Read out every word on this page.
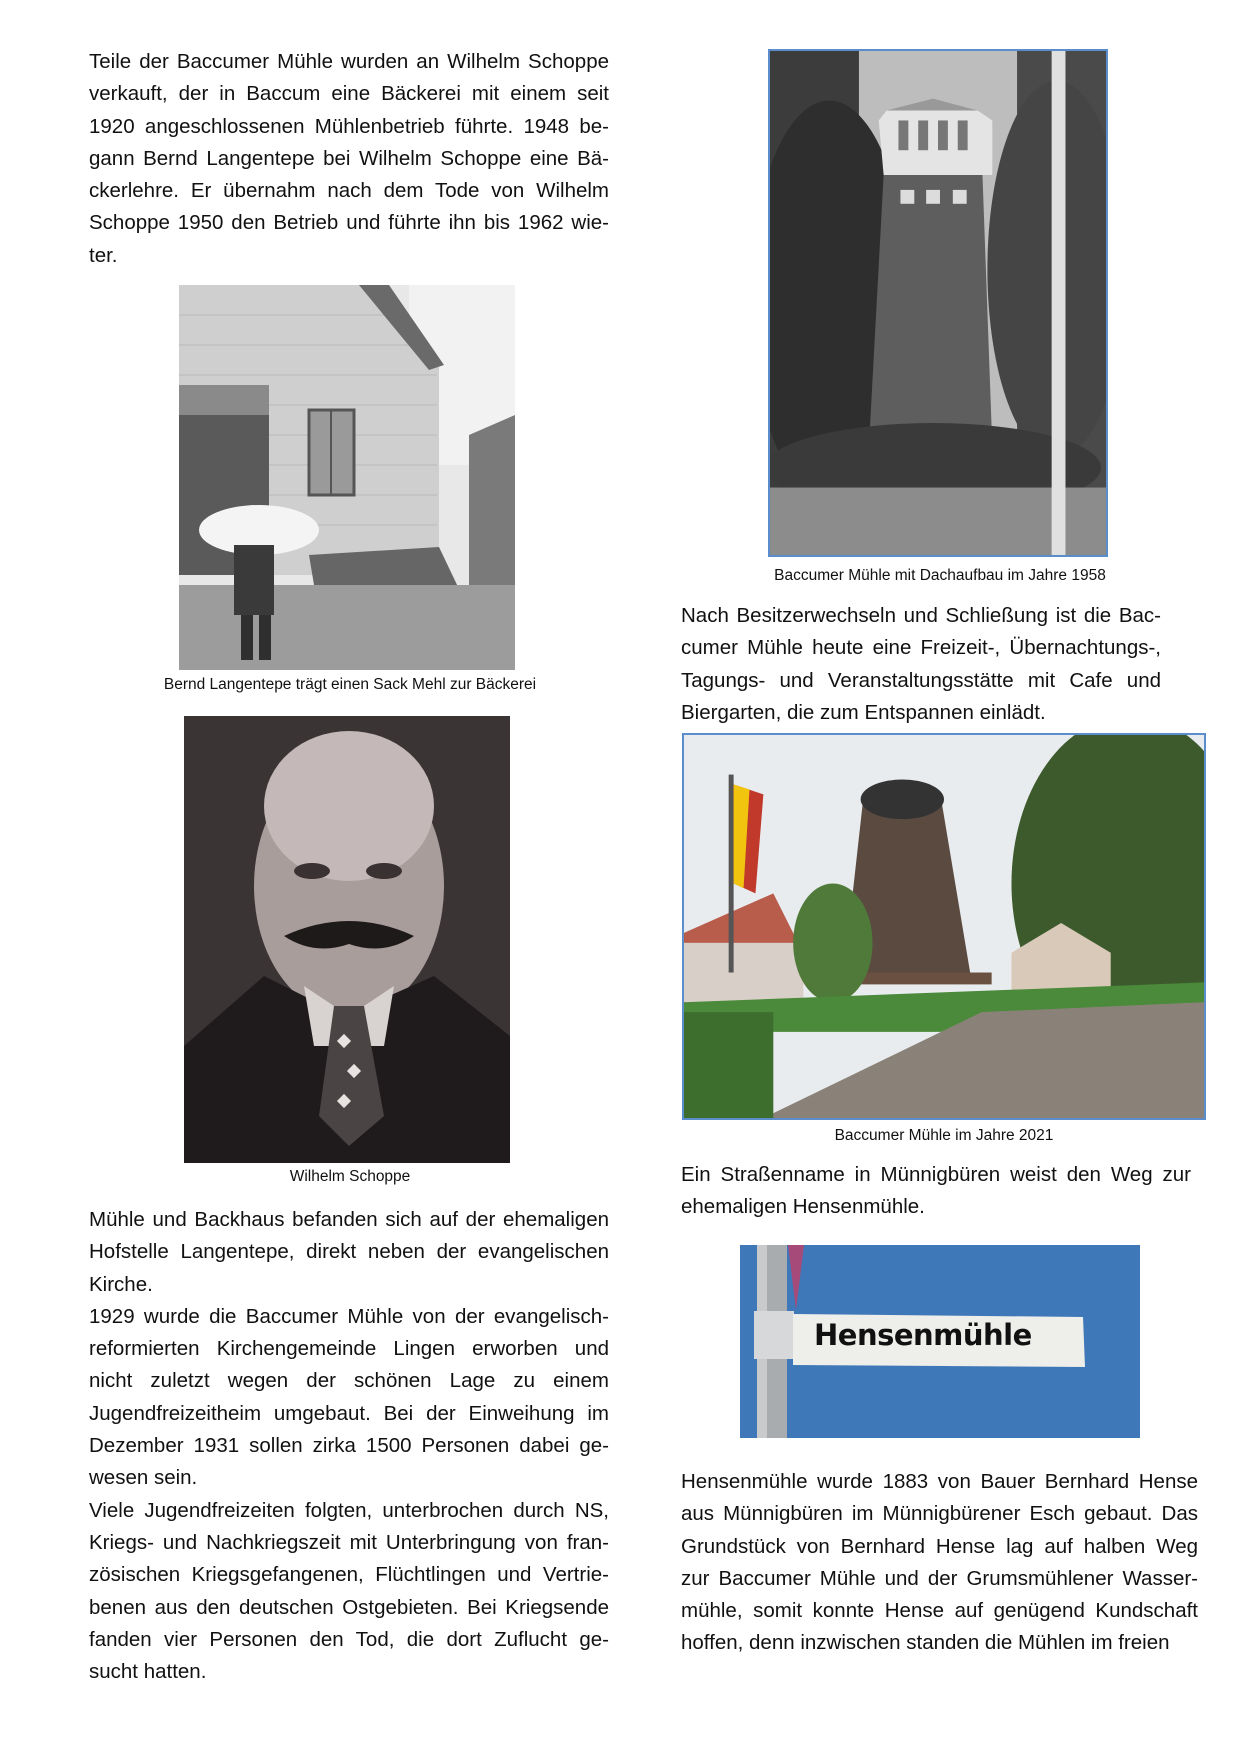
Teile der Baccumer Mühle wurden an Wilhelm Schoppe
verkauft, der in Baccum eine Bäckerei mit einem seit
1920 angeschlossenen Mühlenbetrieb führte. 1948 be-
gann Bernd Langentepe bei Wilhelm Schoppe eine Bä-
ckerlehre. Er übernahm nach dem Tode von Wilhelm
Schoppe 1950 den Betrieb und führte ihn bis 1962 wie-
ter.
Bernd Langentepe trägt einen Sack Mehl zur Bäckerei
Wilhelm Schoppe
Mühle und Backhaus befanden sich auf der ehemaligen
Hofstelle Langentepe, direkt neben der evangelischen
Kirche.
1929 wurde die Baccumer Mühle von der evangelisch-
reformierten Kirchengemeinde Lingen erworben und
nicht zuletzt wegen der schönen Lage zu einem
Jugendfreizeitheim umgebaut. Bei der Einweihung im
Dezember 1931 sollen zirka 1500 Personen dabei ge-
wesen sein.
Viele Jugendfreizeiten folgten, unterbrochen durch NS,
Kriegs- und Nachkriegszeit mit Unterbringung von fran-
zösischen Kriegsgefangenen, Flüchtlingen und Vertrie-
benen aus den deutschen Ostgebieten. Bei Kriegsende
fanden vier Personen den Tod, die dort Zuflucht ge-
sucht hatten.
Baccumer Mühle mit Dachaufbau im Jahre 1958
Nach Besitzerwechseln und Schließung ist die Bac-
cumer Mühle heute eine Freizeit-, Übernachtungs-,
Tagungs- und Veranstaltungsstätte mit Cafe und
Biergarten, die zum Entspannen einlädt.
Baccumer Mühle im Jahre 2021
Ein Straßenname in Münnigbüren weist den Weg zur
ehemaligen Hensenmühle.
Hensenmühle
Hensenmühle wurde 1883 von Bauer Bernhard Hense
aus Münnigbüren im Münnigbürener Esch gebaut. Das
Grundstück von Bernhard Hense lag auf halben Weg
zur Baccumer Mühle und der Grumsmühlener Wasser-
mühle, somit konnte Hense auf genügend Kundschaft
hoffen, denn inzwischen standen die Mühlen im freien
